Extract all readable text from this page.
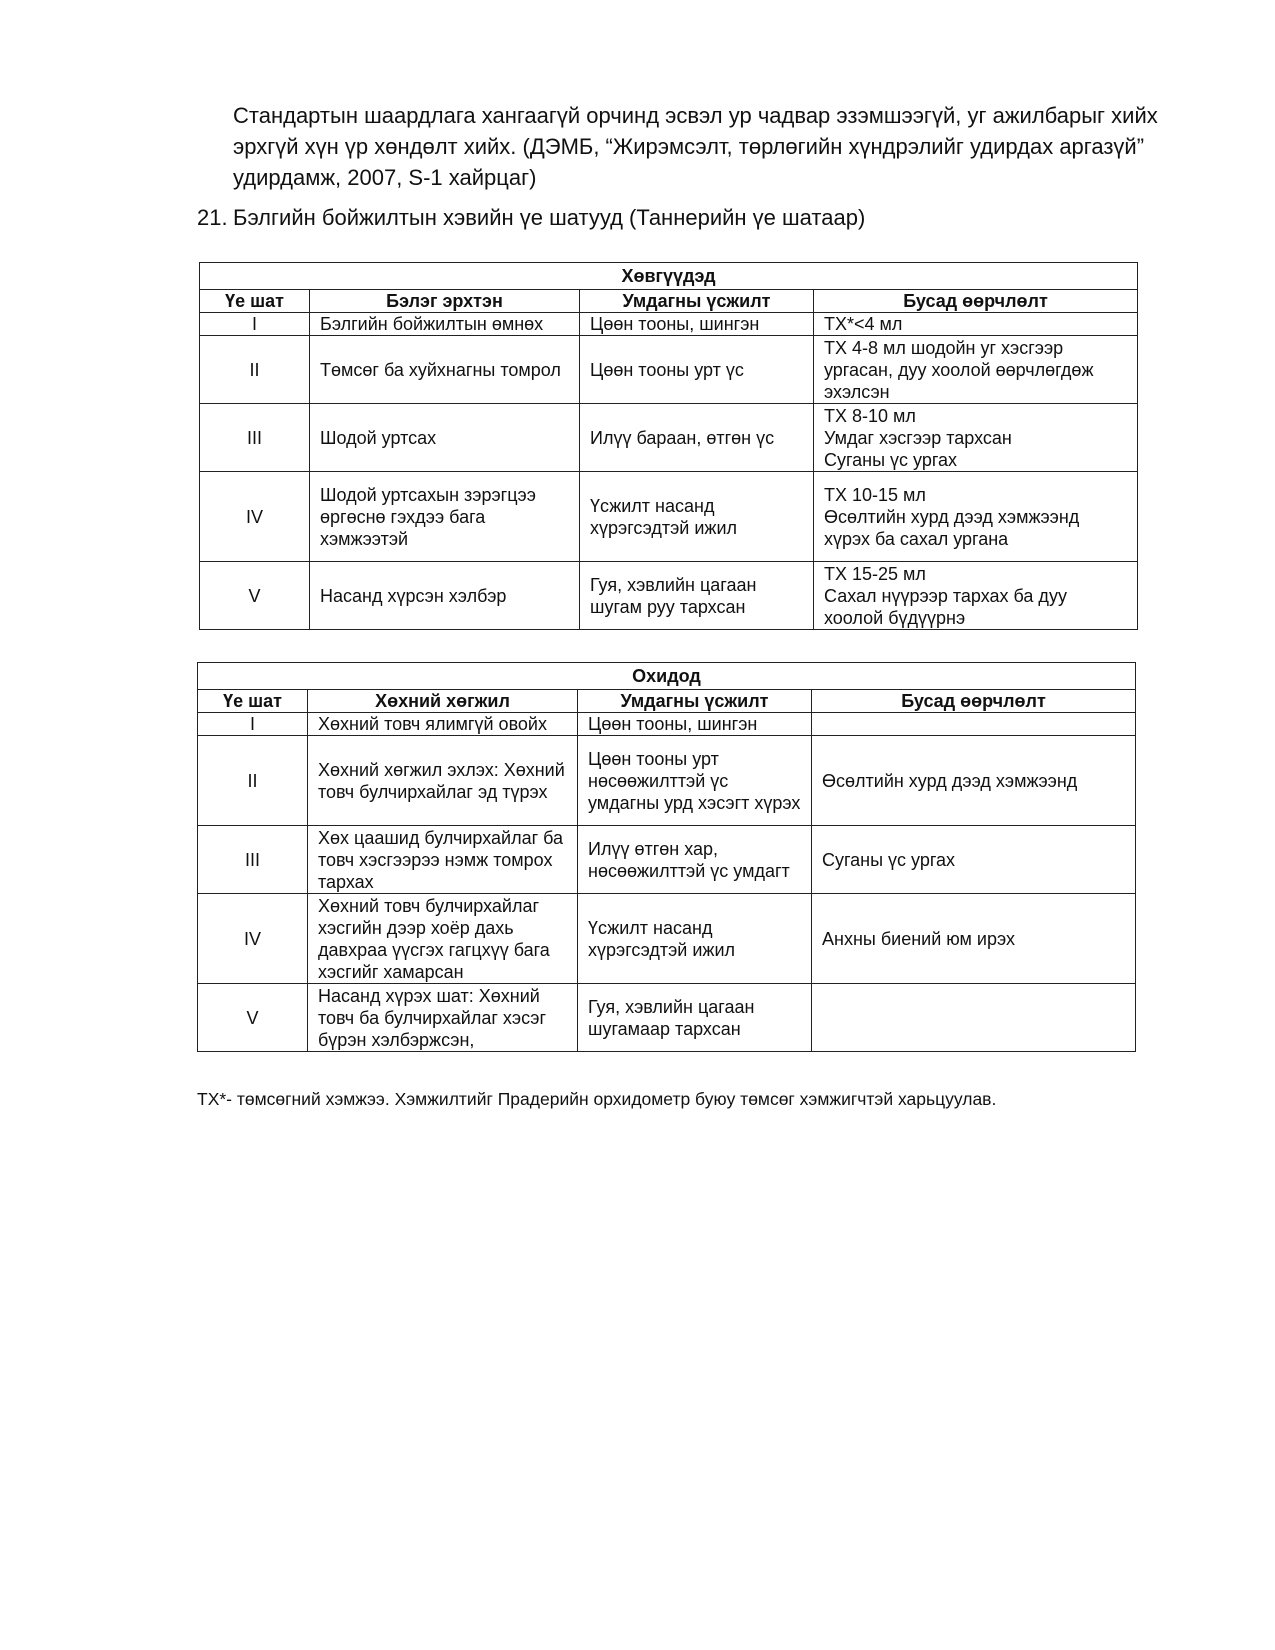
Стандартын шаардлага хангаагүй орчинд эсвэл ур чадвар эзэмшээгүй, уг ажилбарыг хийх эрхгүй хүн үр хөндөлт хийх. (ДЭМБ, “Жирэмсэлт, төрлөгийн хүндрэлийг удирдах аргазүй” удирдамж, 2007, S-1 хайрцаг)

21. Бэлгийн бойжилтын хэвийн үе шатууд (Таннерийн үе шатаар)

Хөвгүүдэд			
Үе шат	Бэлэг эрхтэн	Умдагны үсжилт	Бусад өөрчлөлт
I	Бэлгийн бойжилтын өмнөх	Цөөн тооны, шингэн	ТХ*<4 мл
II	Төмсөг ба хуйхнагны томрол	Цөөн тооны урт үс	ТХ 4-8 мл шодойн уг хэсгээр ургасан, дуу хоолой өөрчлөгдөж эхэлсэн
III	Шодой уртсах	Илүү бараан, өтгөн үс	ТХ 8-10 мл
Умдаг хэсгээр тархсан
Суганы үс ургах
IV	Шодой уртсахын зэрэгцээ өргөснө гэхдээ бага хэмжээтэй	Үсжилт насанд хүрэгсэдтэй ижил	ТХ 10-15 мл
Өсөлтийн хурд дээд хэмжээнд хүрэх ба сахал ургана
V	Насанд хүрсэн хэлбэр	Гуя, хэвлийн цагаан шугам руу тархсан	ТХ 15-25 мл
Сахал нүүрээр тархах ба дуу хоолой бүдүүрнэ
Охидод			
Үе шат	Хөхний хөгжил	Умдагны үсжилт	Бусад өөрчлөлт
I	Хөхний товч ялимгүй овойх	Цөөн тооны, шингэн	
II	Хөхний хөгжил эхлэх: Хөхний товч булчирхайлаг эд түрэх	Цөөн тооны урт нөсөөжилттэй үс умдагны урд хэсэгт хүрэх	Өсөлтийн хурд дээд хэмжээнд
III	Хөх цаашид булчирхайлаг ба товч хэсгээрээ нэмж томрох тархах	Илүү өтгөн хар, нөсөөжилттэй үс умдагт	Суганы үс ургах
IV	Хөхний товч булчирхайлаг хэсгийн дээр хоёр дахь давхраа үүсгэх гагцхүү бага хэсгийг хамарсан	Үсжилт насанд хүрэгсэдтэй ижил	Анхны биений юм ирэх
V	Насанд хүрэх шат: Хөхний товч ба булчирхайлаг хэсэг бүрэн хэлбэржсэн,	Гуя, хэвлийн цагаан шугамаар тархсан	

ТХ*- төмсөгний хэмжээ. Хэмжилтийг Прадерийн орхидометр буюу төмсөг хэмжигчтэй харьцуулав.
